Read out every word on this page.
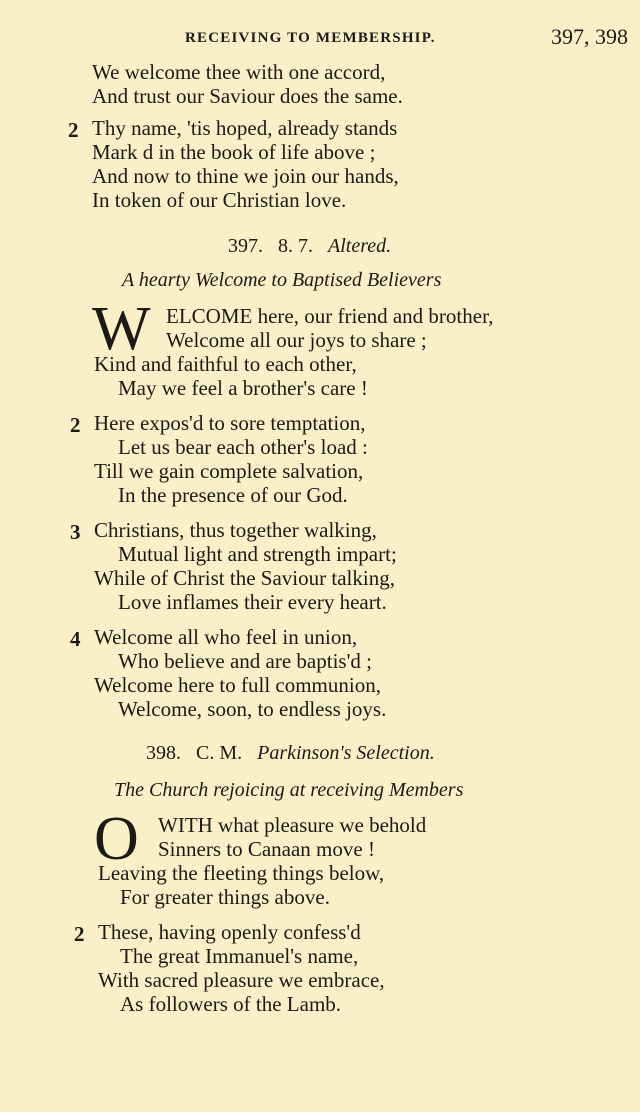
RECEIVING TO MEMBERSHIP.	397, 398
We welcome thee with one accord,
And trust our Saviour does the same.
2 Thy name, 'tis hoped, already stands
Mark d in the book of life above ;
And now to thine we join our hands,
In token of our Christian love.
397. 8. 7. Altered.
A hearty Welcome to Baptised Believers
W ELCOME here, our friend and brother,
Welcome all our joys to share ;
Kind and faithful to each other,
May we feel a brother's care !
2 Here expos'd to sore temptation,
Let us bear each other's load :
Till we gain complete salvation,
In the presence of our God.
3 Christians, thus together walking,
Mutual light and strength impart;
While of Christ the Saviour talking,
Love inflames their every heart.
4 Welcome all who feel in union,
Who believe and are baptis'd ;
Welcome here to full communion,
Welcome, soon, to endless joys.
398. C. M. Parkinson's Selection.
The Church rejoicing at receiving Members
O WITH what pleasure we behold
Sinners to Canaan move !
Leaving the fleeting things below,
For greater things above.
2 These, having openly confess'd
The great Immanuel's name,
With sacred pleasure we embrace,
As followers of the Lamb.
